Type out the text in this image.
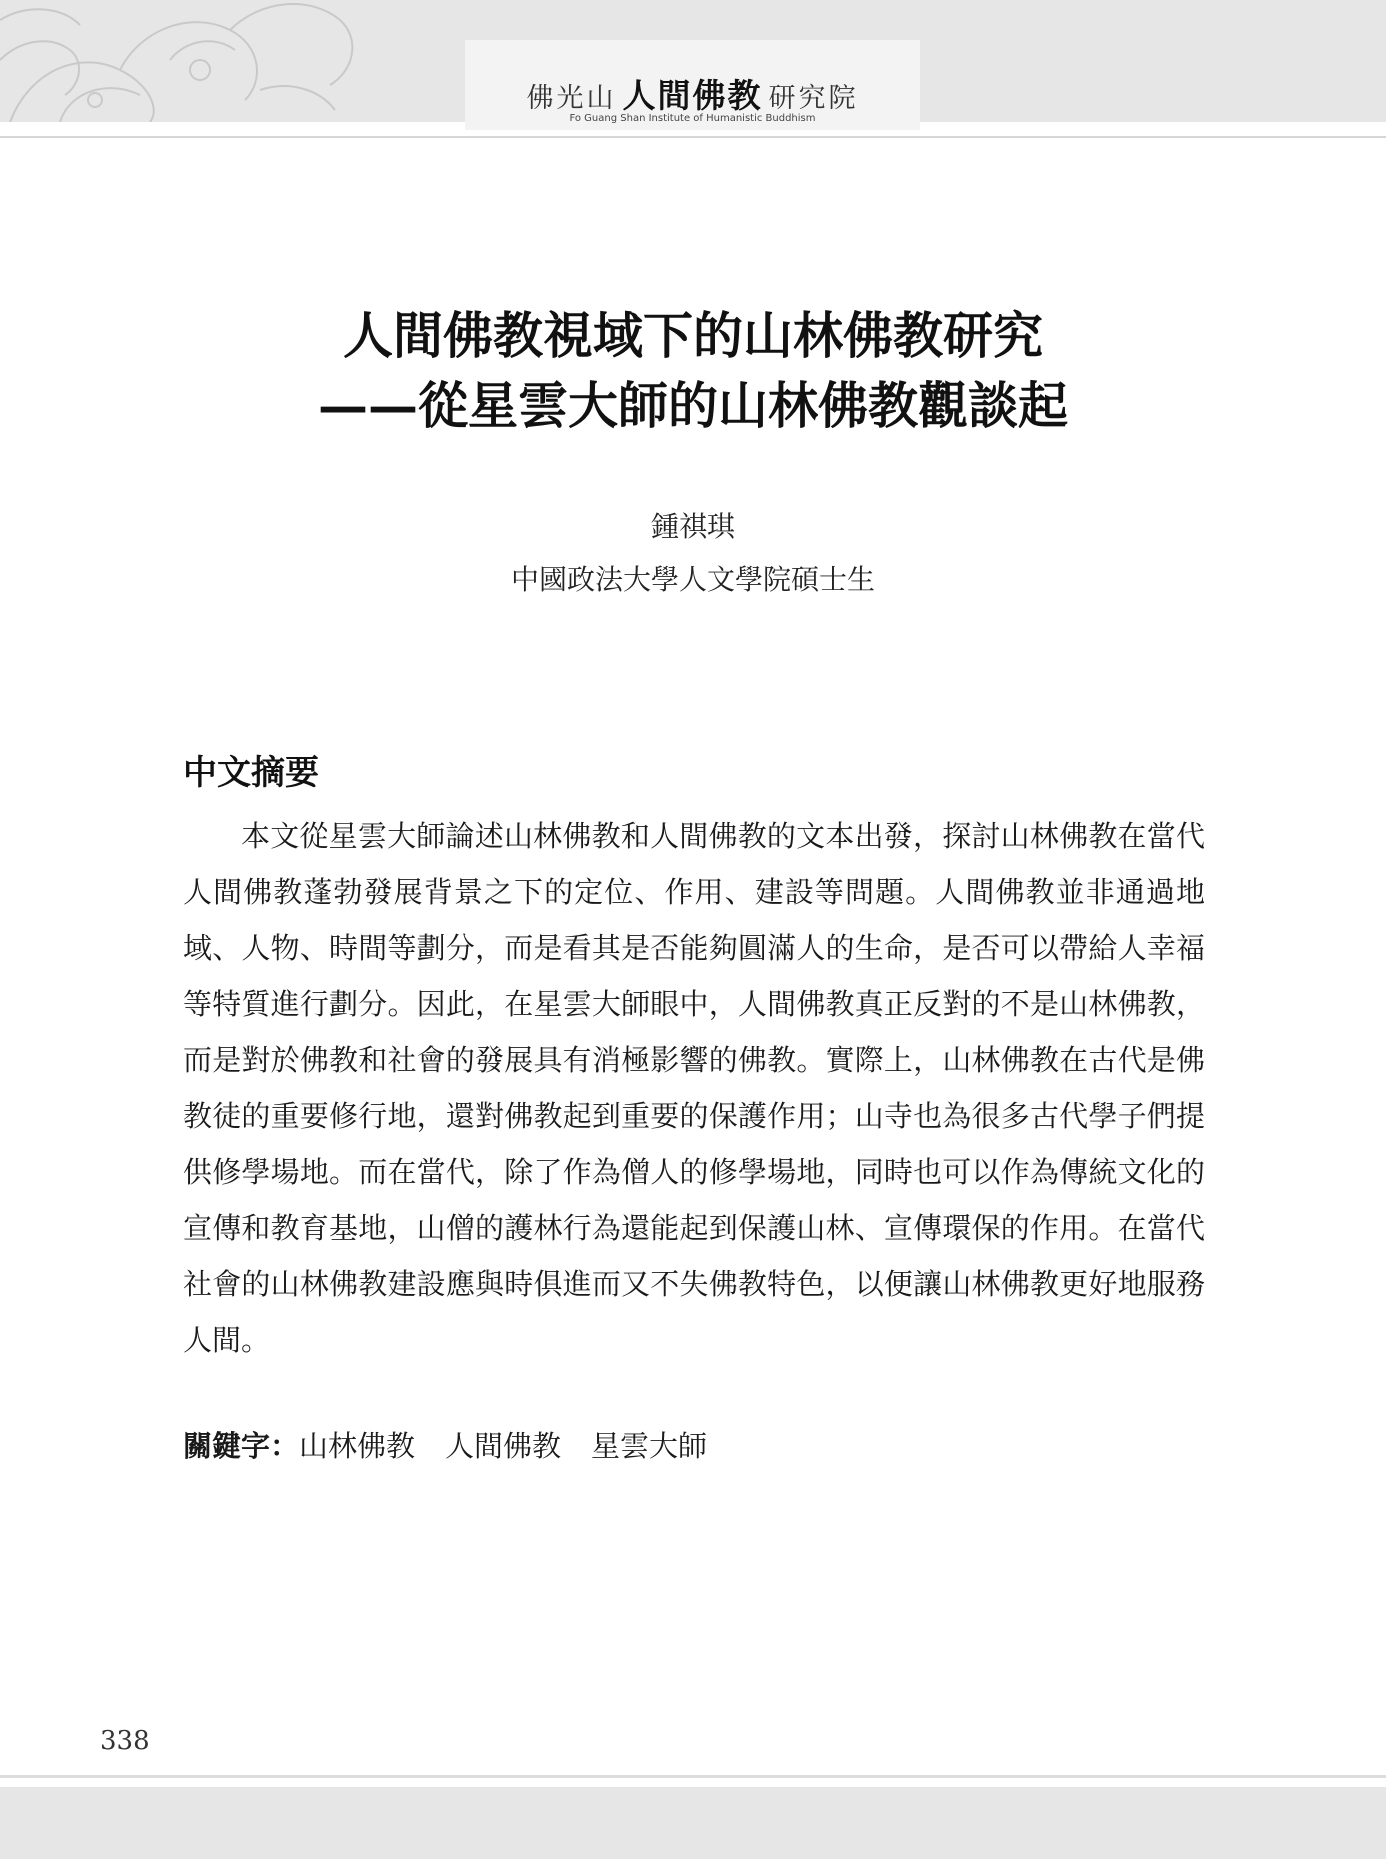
佛光山 人間佛教 研究院
Fo Guang Shan Institute of Humanistic Buddhism
人間佛教視域下的山林佛教研究
——從星雲大師的山林佛教觀談起
鍾祺琪
中國政法大學人文學院碩士生
中文摘要

本文從星雲大師論述山林佛教和人間佛教的文本出發，探討山林佛教在當代人間佛教蓬勃發展背景之下的定位、作用、建設等問題。人間佛教並非通過地域、人物、時間等劃分，而是看其是否能夠圓滿人的生命，是否可以帶給人幸福等特質進行劃分。因此，在星雲大師眼中，人間佛教真正反對的不是山林佛教，而是對於佛教和社會的發展具有消極影響的佛教。實際上，山林佛教在古代是佛教徒的重要修行地，還對佛教起到重要的保護作用；山寺也為很多古代學子們提供修學場地。而在當代，除了作為僧人的修學場地，同時也可以作為傳統文化的宣傳和教育基地，山僧的護林行為還能起到保護山林、宣傳環保的作用。在當代社會的山林佛教建設應與時俱進而又不失佛教特色，以便讓山林佛教更好地服務人間。

關鍵字：山林佛教 人間佛教 星雲大師
338
